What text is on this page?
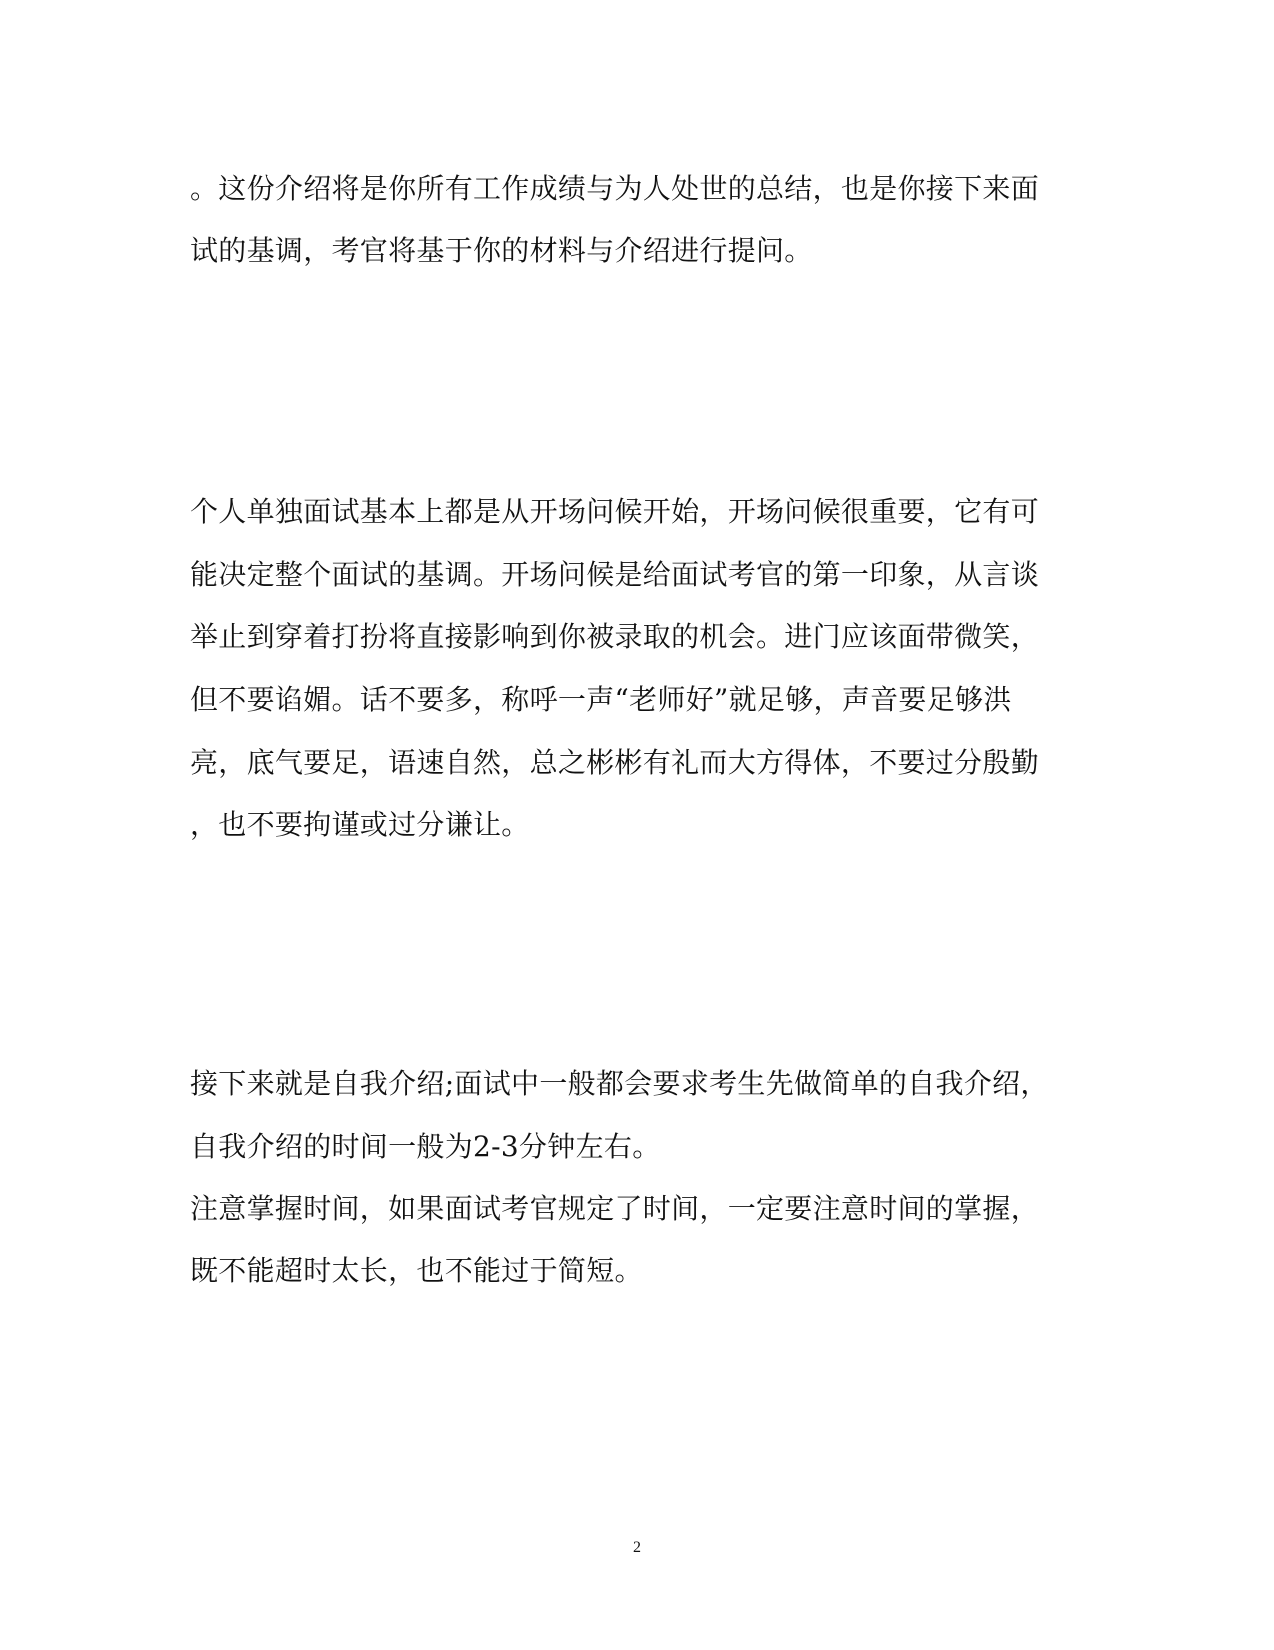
。这份介绍将是你所有工作成绩与为人处世的总结，也是你接下来面
试的基调，考官将基于你的材料与介绍进行提问。
个人单独面试基本上都是从开场问候开始，开场问候很重要，它有可
能决定整个面试的基调。开场问候是给面试考官的第一印象，从言谈
举止到穿着打扮将直接影响到你被录取的机会。进门应该面带微笑，
但不要谄媚。话不要多，称呼一声“老师好”就足够，声音要足够洪
亮，底气要足，语速自然，总之彬彬有礼而大方得体，不要过分殷勤
，也不要拘谨或过分谦让。
接下来就是自我介绍;面试中一般都会要求考生先做简单的自我介绍，
自我介绍的时间一般为2-3分钟左右。
注意掌握时间，如果面试考官规定了时间，一定要注意时间的掌握，
既不能超时太长，也不能过于简短。
2
